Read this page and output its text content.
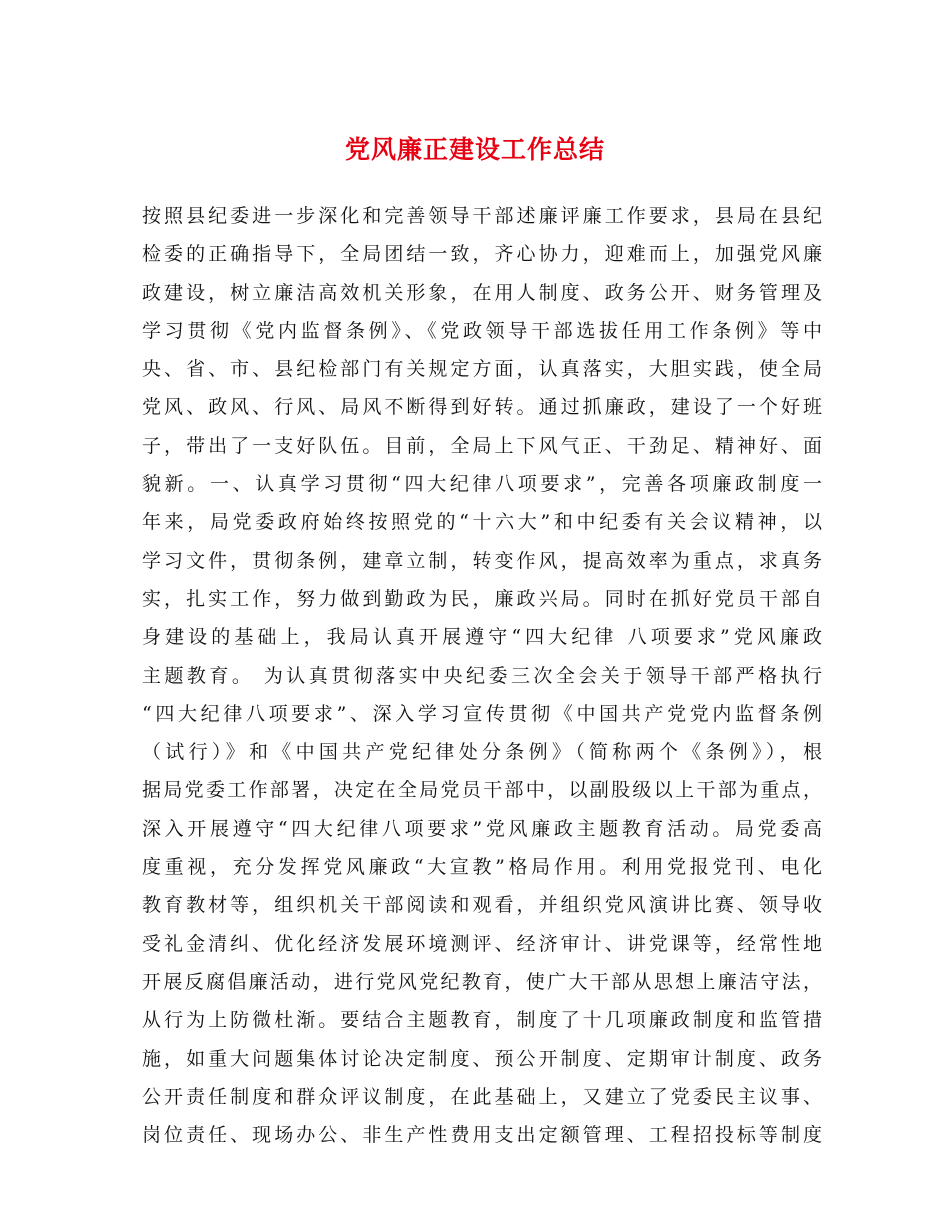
党风廉正建设工作总结
按照县纪委进一步深化和完善领导干部述廉评廉工作要求，县局在县纪
检委的正确指导下，全局团结一致，齐心协力，迎难而上，加强党风廉
政建设，树立廉洁高效机关形象，在用人制度、政务公开、财务管理及
学习贯彻《党内监督条例》、《党政领导干部选拔任用工作条例》等中
央、省、市、县纪检部门有关规定方面，认真落实，大胆实践，使全局
党风、政风、行风、局风不断得到好转。通过抓廉政，建设了一个好班
子，带出了一支好队伍。目前，全局上下风气正、干劲足、精神好、面
貌新。一、认真学习贯彻“四大纪律八项要求”，完善各项廉政制度一
年来，局党委政府始终按照党的“十六大”和中纪委有关会议精神，以
学习文件，贯彻条例，建章立制，转变作风，提高效率为重点，求真务
实，扎实工作，努力做到勤政为民，廉政兴局。同时在抓好党员干部自
身建设的基础上，我局认真开展遵守“四大纪律 八项要求”党风廉政
主题教育。 为认真贯彻落实中央纪委三次全会关于领导干部严格执行
“四大纪律八项要求”、深入学习宣传贯彻《中国共产党党内监督条例
（试行）》和《中国共产党纪律处分条例》（简称两个《条例》），根
据局党委工作部署，决定在全局党员干部中，以副股级以上干部为重点，
深入开展遵守“四大纪律八项要求”党风廉政主题教育活动。局党委高
度重视，充分发挥党风廉政“大宣教”格局作用。利用党报党刊、电化
教育教材等，组织机关干部阅读和观看，并组织党风演讲比赛、领导收
受礼金清纠、优化经济发展环境测评、经济审计、讲党课等，经常性地
开展反腐倡廉活动，进行党风党纪教育，使广大干部从思想上廉洁守法，
从行为上防微杜渐。要结合主题教育，制度了十几项廉政制度和监管措
施，如重大问题集体讨论决定制度、预公开制度、定期审计制度、政务
公开责任制度和群众评议制度，在此基础上，又建立了党委民主议事、
岗位责任、现场办公、非生产性费用支出定额管理、工程招投标等制度
